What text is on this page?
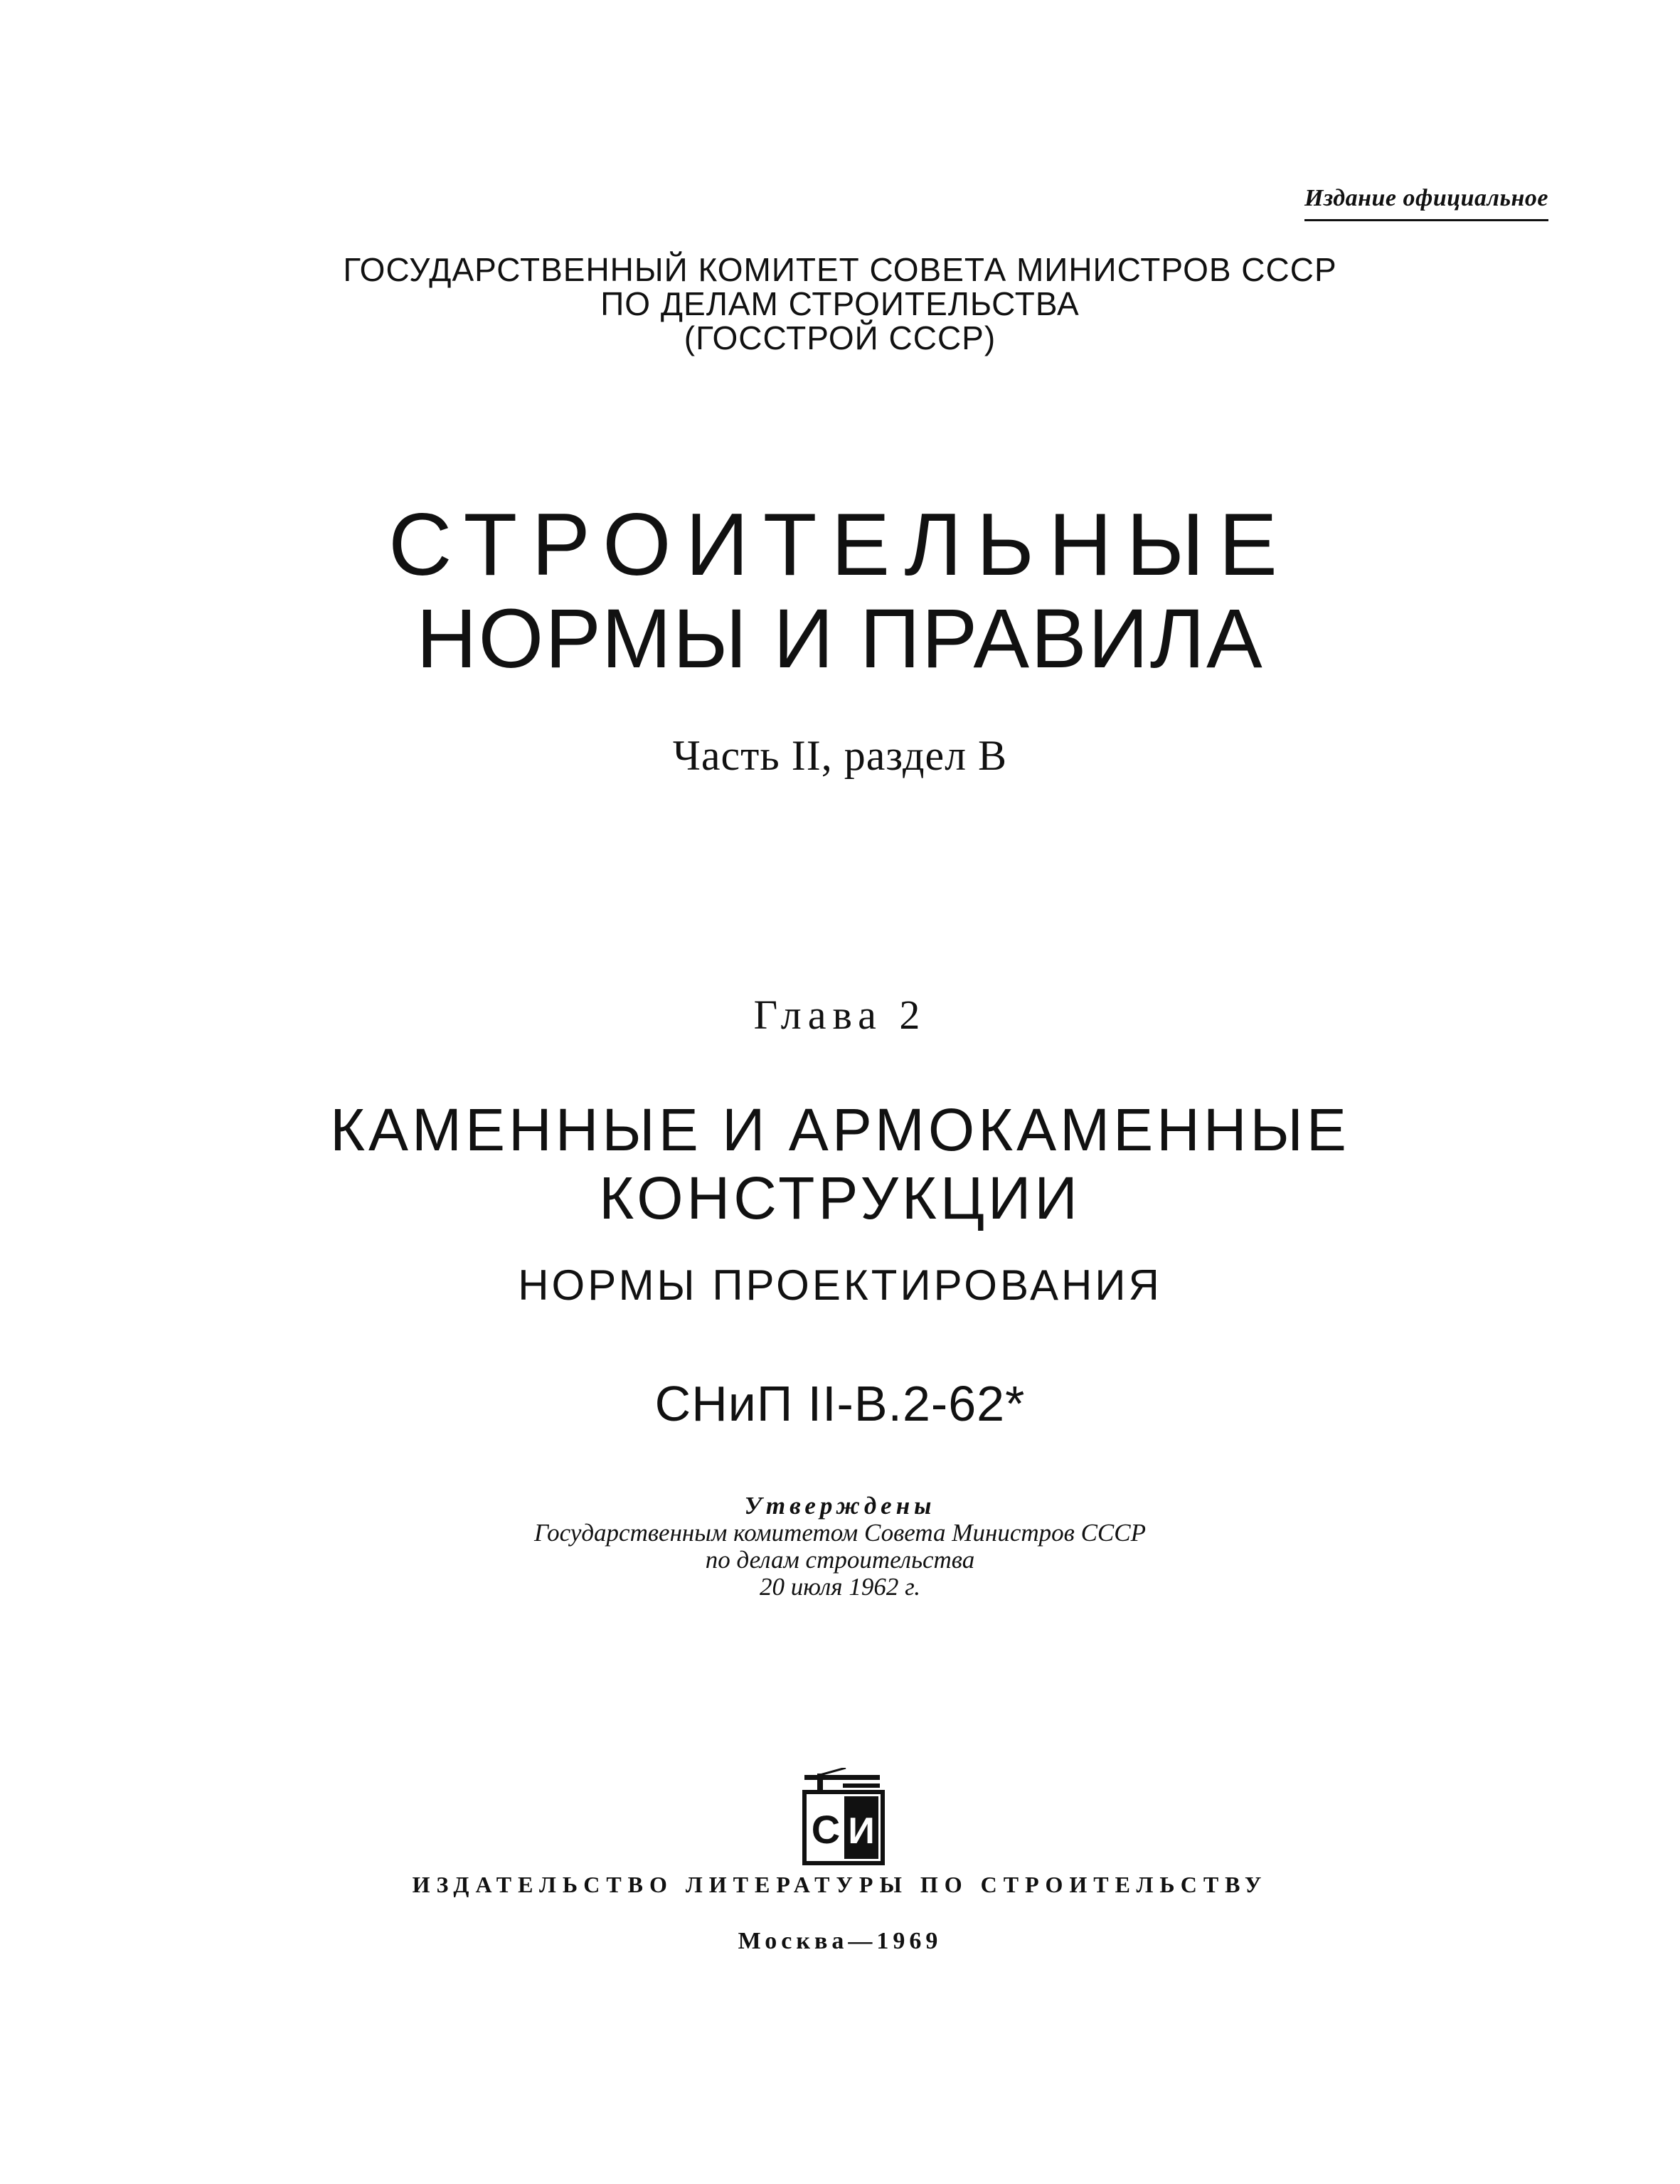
Издание официальное
ГОСУДАРСТВЕННЫЙ КОМИТЕТ СОВЕТА МИНИСТРОВ СССР
ПО ДЕЛАМ СТРОИТЕЛЬСТВА
(ГОССТРОЙ СССР)
СТРОИТЕЛЬНЫЕ
НОРМЫ И ПРАВИЛА
Часть II, раздел В
Глава 2
КАМЕННЫЕ И АРМОКАМЕННЫЕ
КОНСТРУКЦИИ
НОРМЫ ПРОЕКТИРОВАНИЯ
СНиП II-В.2-62*
Утверждены
Государственным комитетом Совета Министров СССР
по делам строительства
20 июля 1962 г.
С И
ИЗДАТЕЛЬСТВО ЛИТЕРАТУРЫ ПО СТРОИТЕЛЬСТВУ
Москва—1969
